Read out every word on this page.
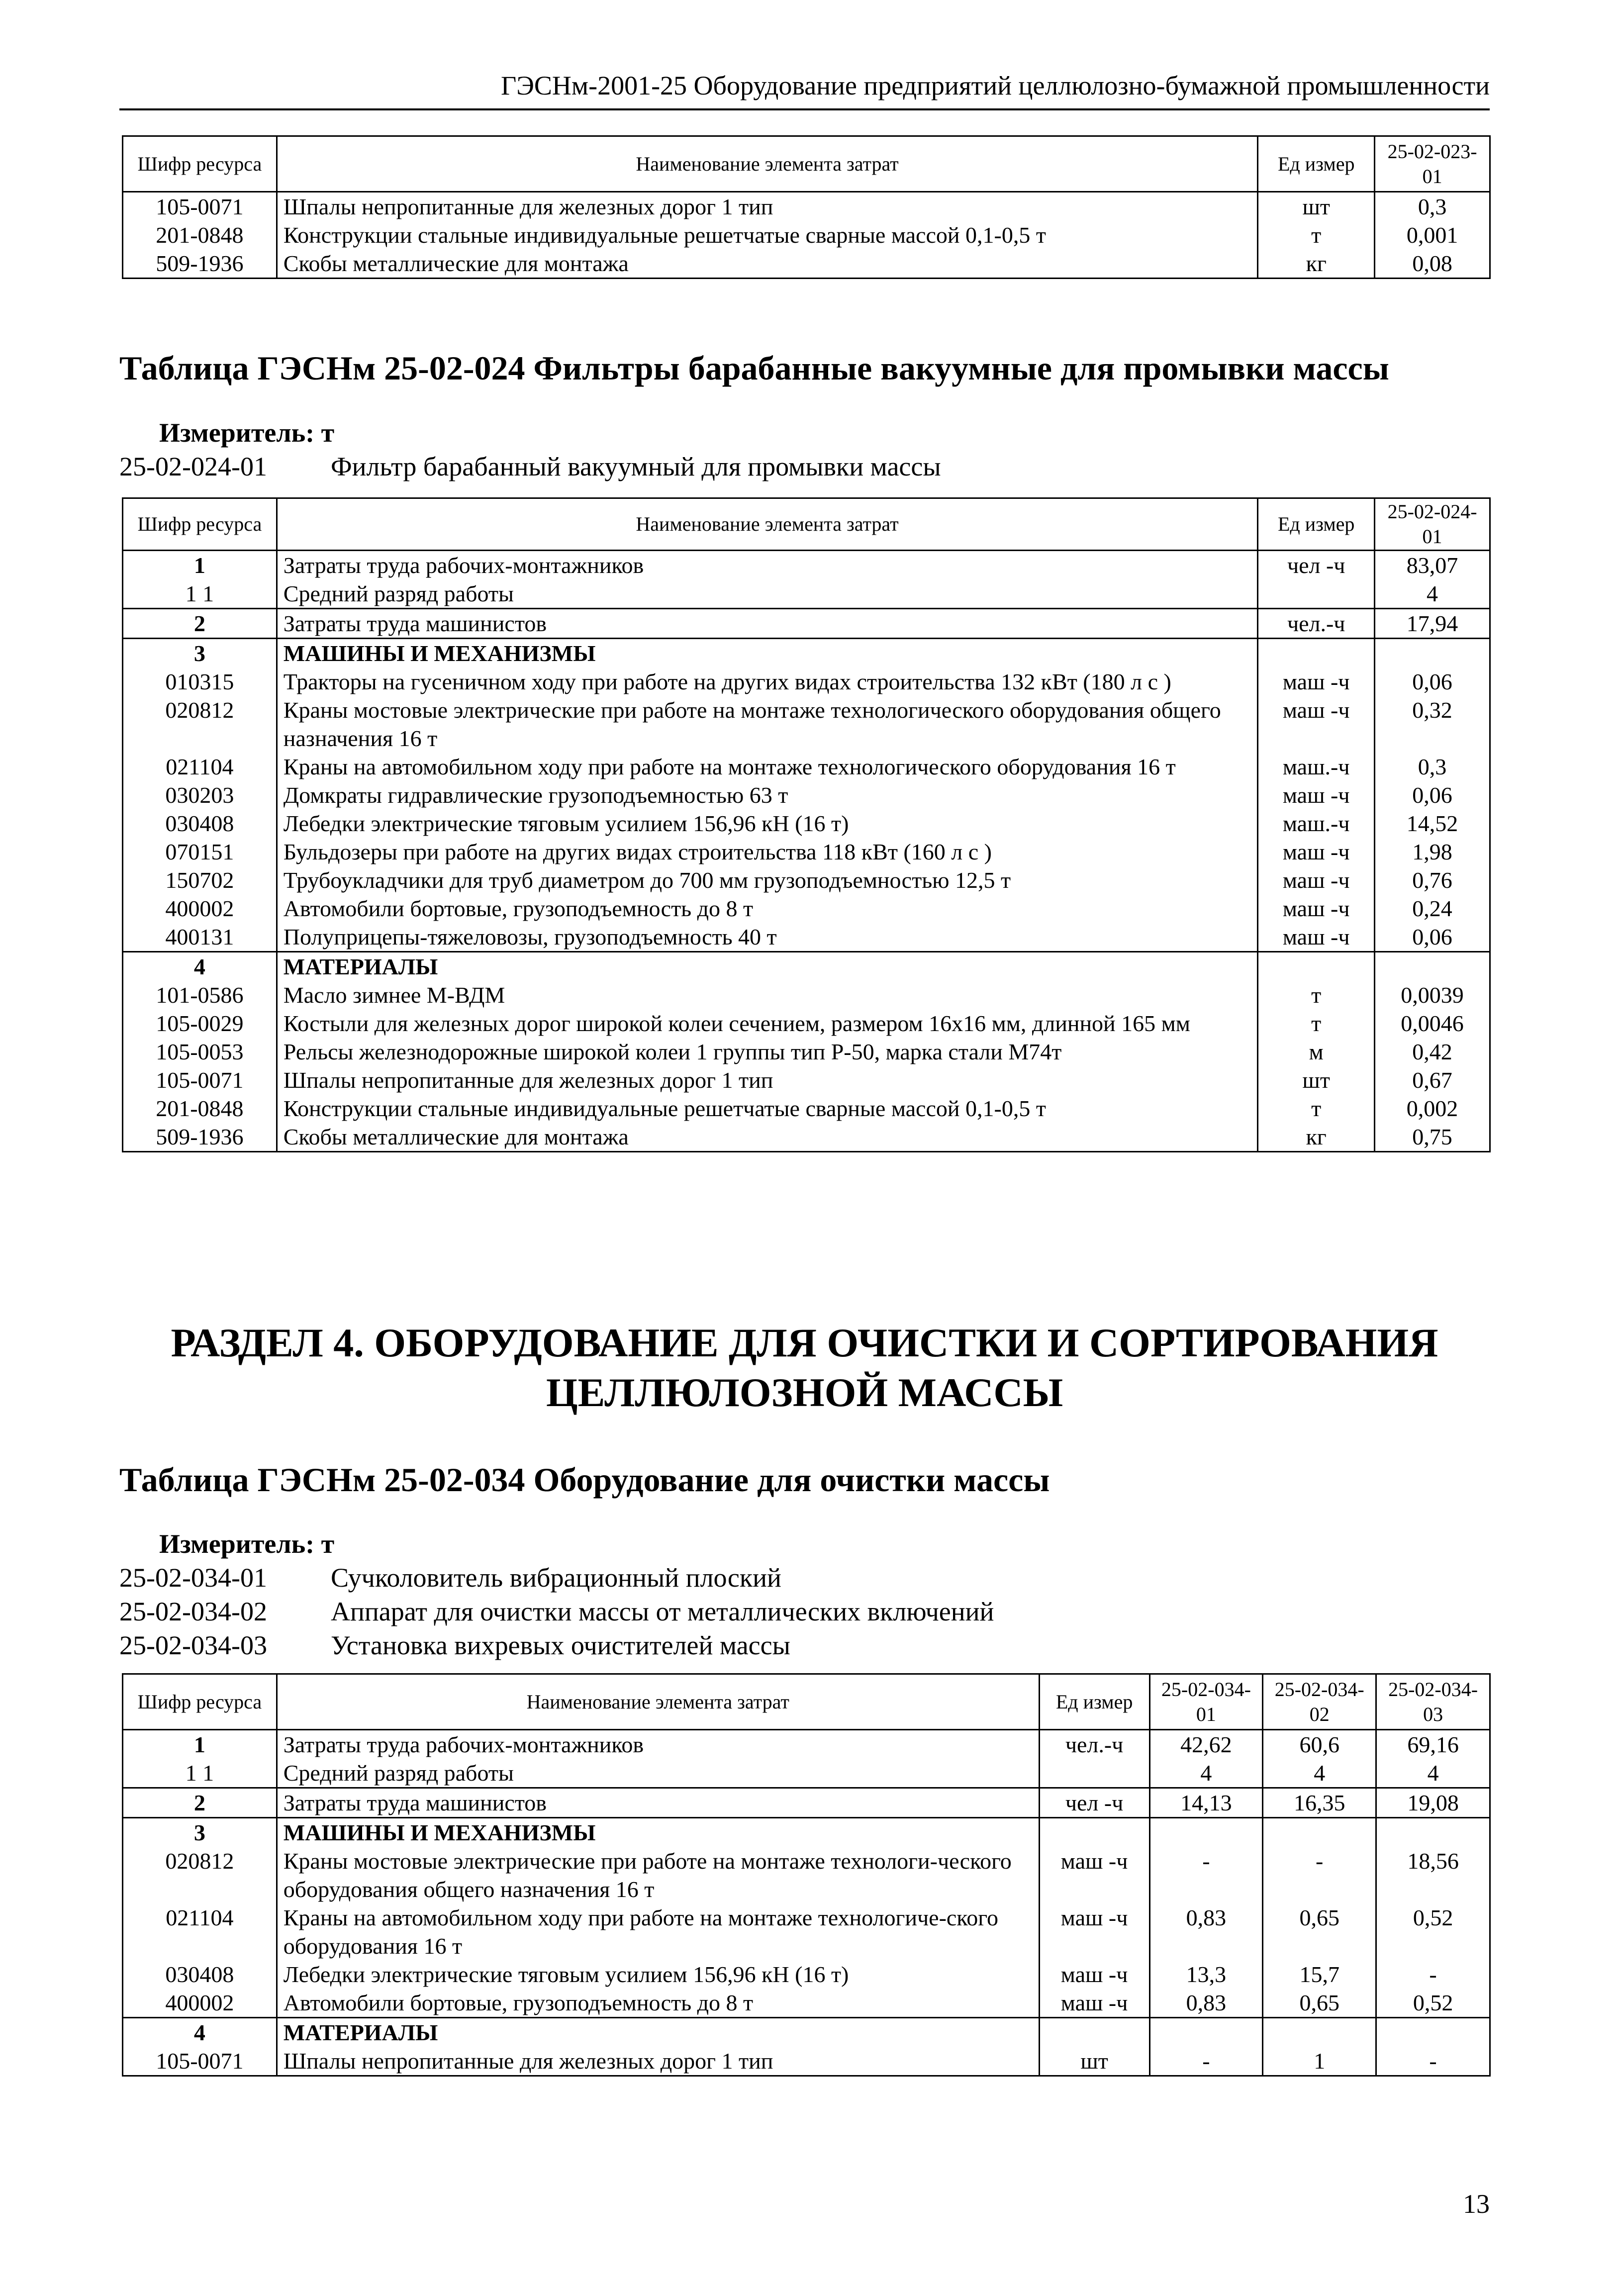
ГЭСНм-2001-25 Оборудование предприятий целлюлозно-бумажной промышленности
Шифр ресурса	Наименование элемента затрат	Ед измер	25-02-023-01
105-0071	Шпалы непропитанные для железных дорог 1 тип	шт	0,3
201-0848	Конструкции стальные индивидуальные решетчатые сварные массой 0,1-0,5 т	т	0,001
509-1936	Скобы металлические для монтажа	кг	0,08
Таблица ГЭСНм 25-02-024 Фильтры барабанные вакуумные для промывки массы
Измеритель: т
25-02-024-01	Фильтр барабанный вакуумный для промывки массы
Шифр ресурса	Наименование элемента затрат	Ед измер	25-02-024-01
1	Затраты труда рабочих-монтажников	чел -ч	83,07
1 1	Средний разряд работы		4
2	Затраты труда машинистов	чел.-ч	17,94
3	МАШИНЫ И МЕХАНИЗМЫ		
010315	Тракторы на гусеничном ходу при работе на других видах строительства 132 кВт (180 л с )	маш -ч	0,06
020812	Краны мостовые электрические при работе на монтаже технологического оборудования общего назначения 16 т	маш -ч	0,32
021104	Краны на автомобильном ходу при работе на монтаже технологического оборудования 16 т	маш.-ч	0,3
030203	Домкраты гидравлические грузоподъемностью 63 т	маш -ч	0,06
030408	Лебедки электрические тяговым усилием 156,96 кН (16 т)	маш.-ч	14,52
070151	Бульдозеры при работе на других видах строительства 118 кВт (160 л с )	маш -ч	1,98
150702	Трубоукладчики для труб диаметром до 700 мм грузоподъемностью 12,5 т	маш -ч	0,76
400002	Автомобили бортовые, грузоподъемность до 8 т	маш -ч	0,24
400131	Полуприцепы-тяжеловозы, грузоподъемность 40 т	маш -ч	0,06
4	МАТЕРИАЛЫ		
101-0586	Масло зимнее М-ВДМ	т	0,0039
105-0029	Костыли для железных дорог широкой колеи сечением, размером 16х16 мм, длинной 165 мм	т	0,0046
105-0053	Рельсы железнодорожные широкой колеи 1 группы тип Р-50, марка стали М74т	м	0,42
105-0071	Шпалы непропитанные для железных дорог 1 тип	шт	0,67
201-0848	Конструкции стальные индивидуальные решетчатые сварные массой 0,1-0,5 т	т	0,002
509-1936	Скобы металлические для монтажа	кг	0,75
РАЗДЕЛ 4. ОБОРУДОВАНИЕ ДЛЯ ОЧИСТКИ И СОРТИРОВАНИЯ
ЦЕЛЛЮЛОЗНОЙ МАССЫ
Таблица ГЭСНм 25-02-034 Оборудование для очистки массы
Измеритель: т
25-02-034-01	Сучколовитель вибрационный плоский
25-02-034-02	Аппарат для очистки массы от металлических включений
25-02-034-03	Установка вихревых очистителей массы
Шифр ресурса	Наименование элемента затрат	Ед измер	25-02-034-01	25-02-034-02	25-02-034-03
1	Затраты труда рабочих-монтажников	чел.-ч	42,62	60,6	69,16
1 1	Средний разряд работы		4	4	4
2	Затраты труда машинистов	чел -ч	14,13	16,35	19,08
3	МАШИНЫ И МЕХАНИЗМЫ				
020812	Краны мостовые электрические при работе на монтаже технологи-ческого оборудования общего назначения 16 т	маш -ч	-	-	18,56
021104	Краны на автомобильном ходу при работе на монтаже технологиче-ского оборудования 16 т	маш -ч	0,83	0,65	0,52
030408	Лебедки электрические тяговым усилием 156,96 кН (16 т)	маш -ч	13,3	15,7	-
400002	Автомобили бортовые, грузоподъемность до 8 т	маш -ч	0,83	0,65	0,52
4	МАТЕРИАЛЫ				
105-0071	Шпалы непропитанные для железных дорог 1 тип	шт	-	1	-
13
